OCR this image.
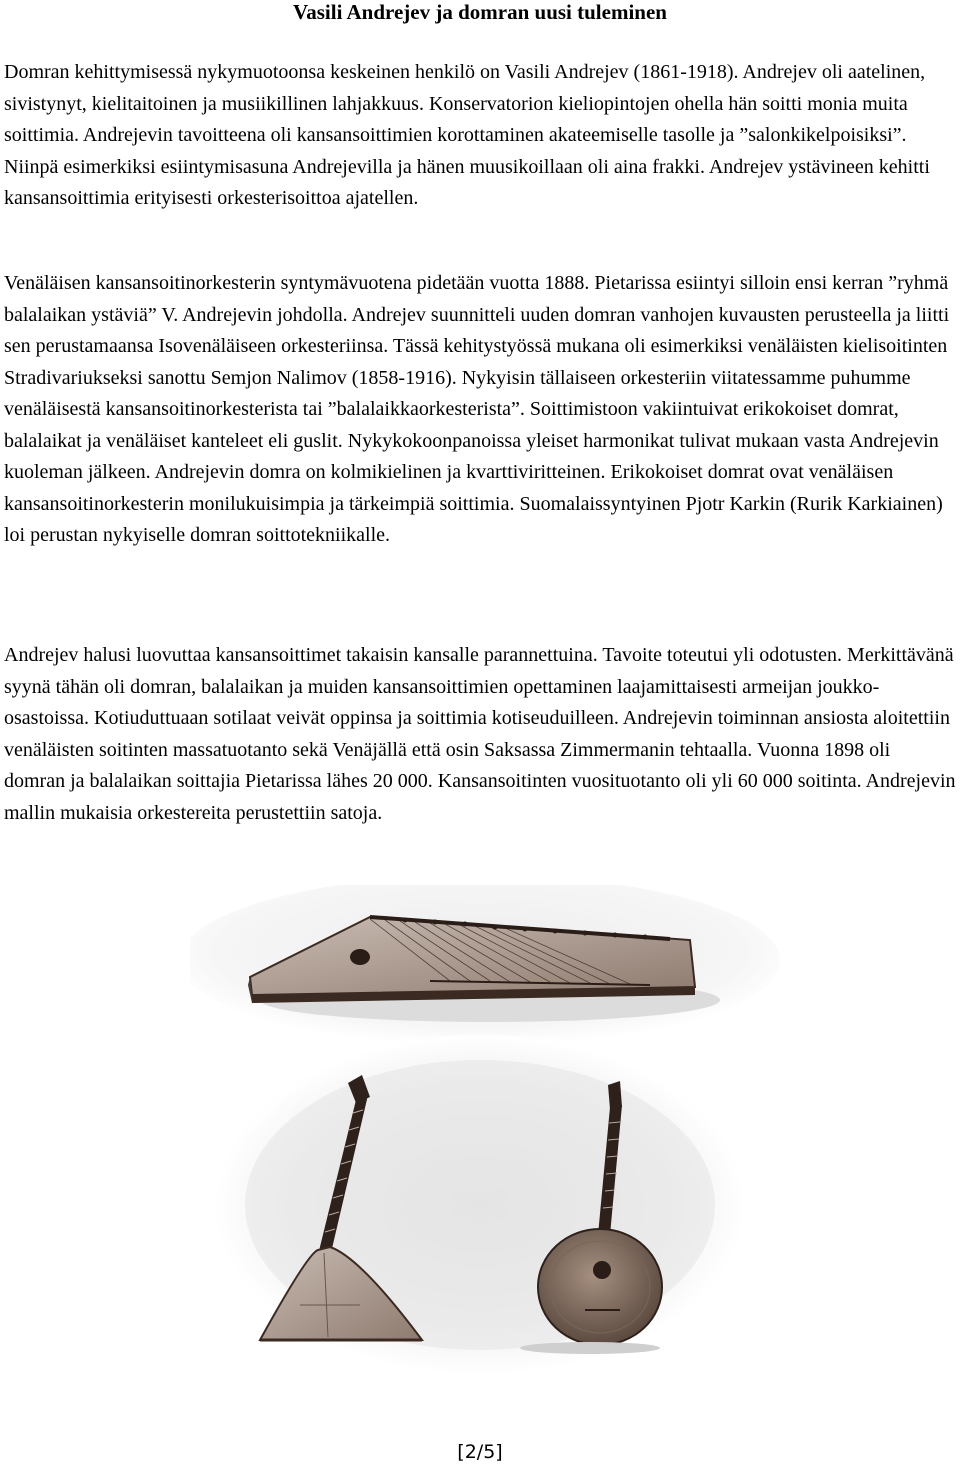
Vasili Andrejev ja domran uusi tuleminen

Domran kehittymisessä nykymuotoonsa keskeinen henkilö on Vasili Andrejev (1861-1918). Andrejev oli aatelinen, sivistynyt, kielitaitoinen ja musiikillinen lahjakkuus. Konservatorion kieliopintojen ohella hän soitti monia muita soittimia. Andrejevin tavoitteena oli kansansoittimien korottaminen akateemiselle tasolle ja ”salonkikelpoisiksi”. Niinpä esimerkiksi esiintymisasuna Andrejevilla ja hänen muusikoillaan oli aina frakki. Andrejev ystävineen kehitti kansansoittimia erityisesti orkesterisoittoa ajatellen.

Venäläisen kansansoitinorkesterin syntymävuotena pidetään vuotta 1888. Pietarissa esiintyi silloin ensi kerran ”ryhmä balalaikan ystäviä” V. Andrejevin johdolla. Andrejev suunnitteli uuden domran vanhojen kuvausten perusteella ja liitti sen perustamaansa Isovenäläiseen orkesteriinsa. Tässä kehitystyössä mukana oli esimerkiksi venäläisten kielisoitinten Stradivariukseksi sanottu Semjon Nalimov (1858-1916). Nykyisin tällaiseen orkesteriin viitatessamme puhumme venäläisestä kansansoitinorkesterista tai ”balalaikkaorkesterista”. Soittimistoon vakiintuivat erikokoiset domrat, balalaikat ja venäläiset kanteleet eli guslit. Nykykokoonpanoissa yleiset harmonikat tulivat mukaan vasta Andrejevin kuoleman jälkeen. Andrejevin domra on kolmikielinen ja kvarttiviritteinen. Erikokoiset domrat ovat venäläisen kansansoitinorkesterin monilukuisimpia ja tärkeimpiä soittimia. Suomalaissyntyinen Pjotr Karkin (Rurik Karkiainen) loi perustan nykyiselle domran soittotekniikalle.

Andrejev halusi luovuttaa kansansoittimet takaisin kansalle parannettuina. Tavoite toteutui yli odotusten. Merkittävänä syynä tähän oli domran, balalaikan ja muiden kansansoittimien opettaminen laajamittaisesti armeijan joukko-osastoissa. Kotiuduttuaan sotilaat veivät oppinsa ja soittimia kotiseuduilleen. Andrejevin toiminnan ansiosta aloitettiin venäläisten soitinten massatuotanto sekä Venäjällä että osin Saksassa Zimmermanin tehtaalla. Vuonna 1898 oli domran ja balalaikan soittajia Pietarissa lähes 20 000. Kansansoitinten vuosituotanto oli yli 60 000 soitinta. Andrejevin mallin mukaisia orkestereita perustettiin satoja.

[2/5]
